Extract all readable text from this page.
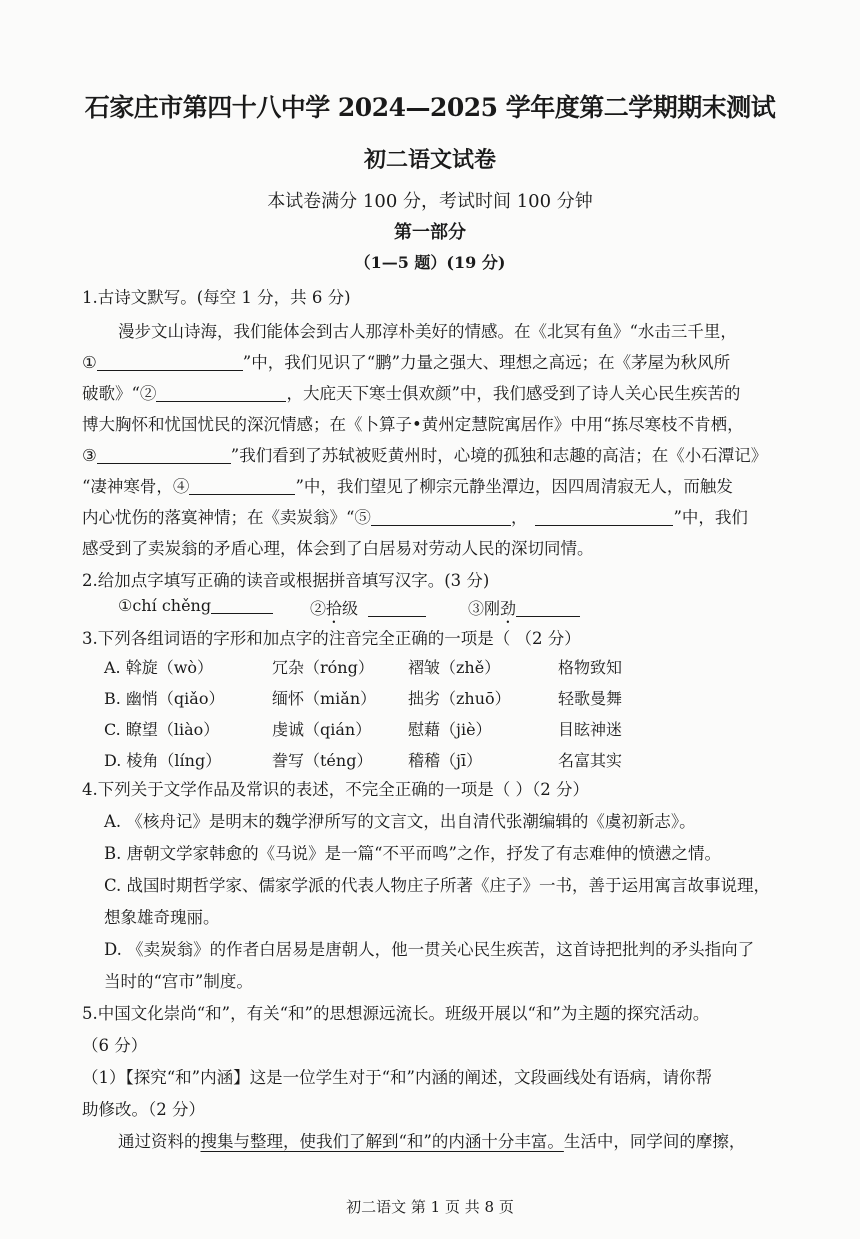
石家庄市第四十八中学 2024—2025 学年度第二学期期末测试
初二语文试卷
本试卷满分 100 分，考试时间 100 分钟
第一部分
（1—5 题）(19 分)
1.古诗文默写。(每空 1 分，共 6 分)
漫步文山诗海，我们能体会到古人那淳朴美好的情感。在《北冥有鱼》“水击三千里，
①	”中，我们见识了“鹏”力量之强大、理想之高远；在《茅屋为秋风所
破歌》“②	，大庇天下寒士俱欢颜”中，我们感受到了诗人关心民生疾苦的
博大胸怀和忧国忧民的深沉情感；在《卜算子•黄州定慧院寓居作》中用“拣尽寒枝不肯栖，
③	”我们看到了苏轼被贬黄州时，心境的孤独和志趣的高洁；在《小石潭记》
“凄神寒骨，④	”中，我们望见了柳宗元静坐潭边，因四周清寂无人，而触发
内心忧伤的落寞神情；在《卖炭翁》“⑤	，	”中，我们
感受到了卖炭翁的矛盾心理，体会到了白居易对劳动人民的深切同情。
2.给加点字填写正确的读音或根据拼音填写汉字。(3 分)
①chí chěng	②拾级	③刚劲
3.下列各组词语的字形和加点字的注音完全正确的一项是（ （2 分）
A. 斡旋（wò）	冗杂（róng） 褶皱（zhě）	格物致知
B. 幽悄（qiǎo）	缅怀（miǎn） 拙劣（zhuō）	轻歌曼舞
C. 瞭望（liào）	虔诚（qián） 慰藉（jiè）	目眩神迷
D. 棱角（líng）	誊写（téng） 稽稽（jī）	名富其实
4.下列关于文学作品及常识的表述，不完全正确的一项是（ ）（2 分）
A. 《核舟记》是明末的魏学洢所写的文言文，出自清代张潮编辑的《虞初新志》。
B. 唐朝文学家韩愈的《马说》是一篇“不平而鸣”之作，抒发了有志难伸的愤懑之情。
C. 战国时期哲学家、儒家学派的代表人物庄子所著《庄子》一书，善于运用寓言故事说理，
想象雄奇瑰丽。
D. 《卖炭翁》的作者白居易是唐朝人，他一贯关心民生疾苦，这首诗把批判的矛头指向了
当时的“宫市”制度。
5.中国文化崇尚“和”，有关“和”的思想源远流长。班级开展以“和”为主题的探究活动。
（6 分）
（1）【探究“和”内涵】这是一位学生对于“和”内涵的阐述，文段画线处有语病，请你帮
助修改。（2 分）
通过资料的搜集与整理，使我们了解到“和”的内涵十分丰富。生活中，同学间的摩擦，
初二语文 第 1 页 共 8 页
